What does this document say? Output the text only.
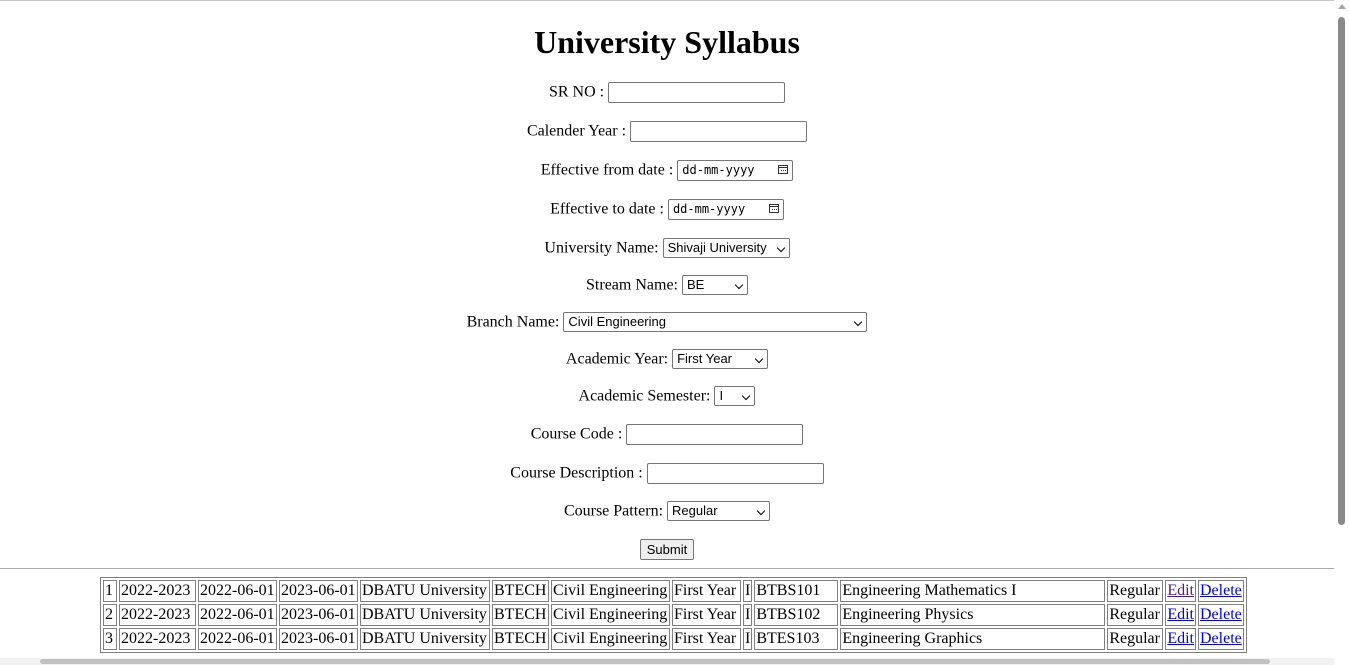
University Syllabus
SR NO :
Calender Year :
Effective from date : dd-mm-yyyy
Effective to date : dd-mm-yyyy
University Name: Shivaji University
Stream Name: BE
Branch Name: Civil Engineering
Academic Year: First Year
Academic Semester: I
Course Code :
Course Description :
Course Pattern: Regular
Submit
1	2022-2023	2022-06-01	2023-06-01	DBATU University	BTECH	Civil Engineering	First Year	I	BTBS101	Engineering Mathematics I	Regular	Edit	Delete
2	2022-2023	2022-06-01	2023-06-01	DBATU University	BTECH	Civil Engineering	First Year	I	BTBS102	Engineering Physics	Regular	Edit	Delete
3	2022-2023	2022-06-01	2023-06-01	DBATU University	BTECH	Civil Engineering	First Year	I	BTES103	Engineering Graphics	Regular	Edit	Delete
